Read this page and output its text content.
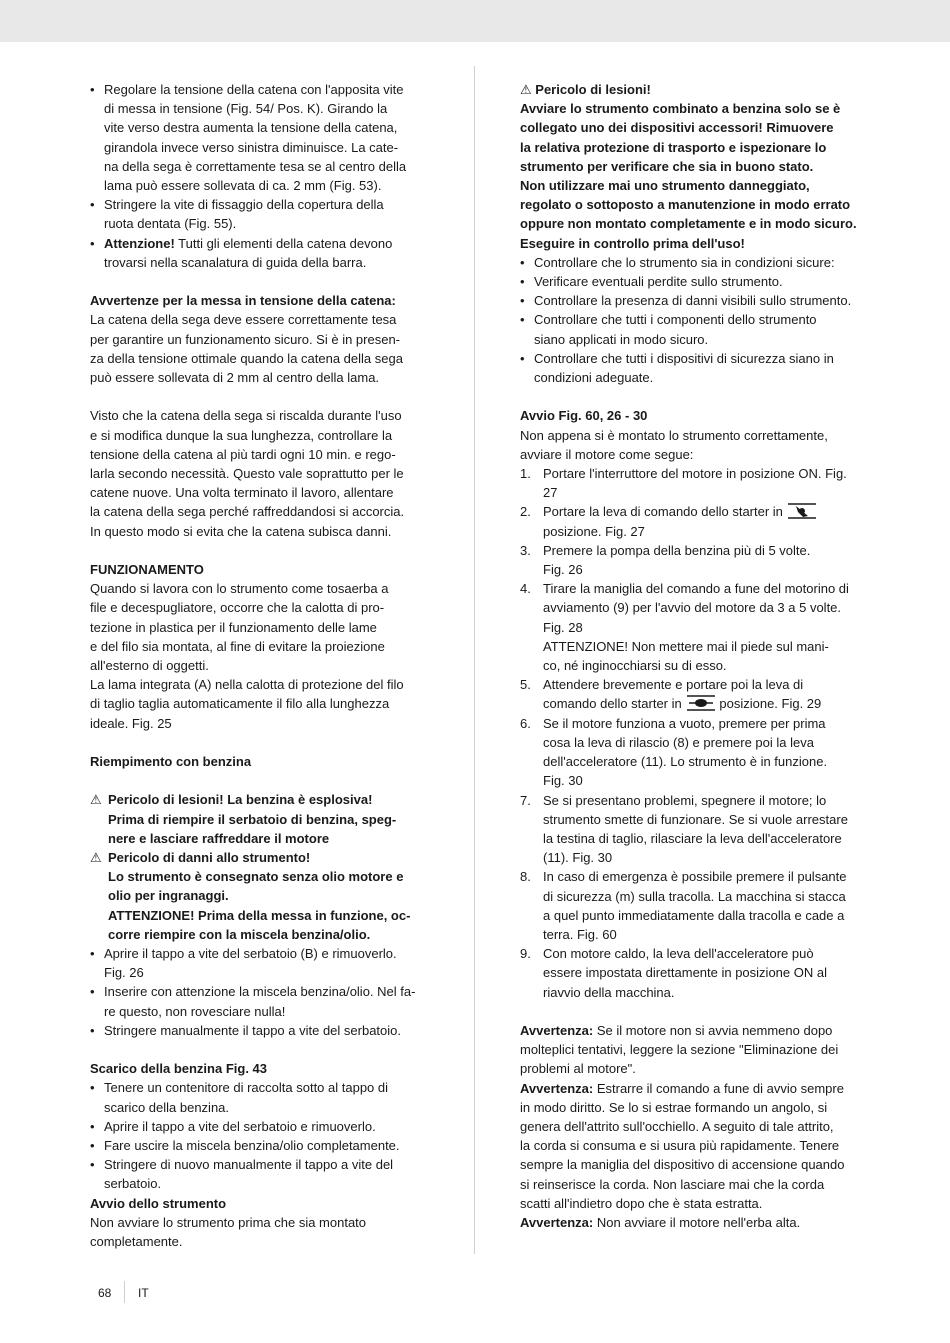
• Regolare la tensione della catena con l'apposita vite

di messa in tensione (Fig. 54/ Pos. K). Girando la

vite verso destra aumenta la tensione della catena,

girandola invece verso sinistra diminuisce. La cate-

na della sega è correttamente tesa se al centro della

lama può essere sollevata di ca. 2 mm (Fig. 53).

• Stringere la vite di fissaggio della copertura della

ruota dentata (Fig. 55).

• Attenzione! Tutti gli elementi della catena devono

trovarsi nella scanalatura di guida della barra.

Avvertenze per la messa in tensione della catena:

La catena della sega deve essere correttamente tesa

per garantire un funzionamento sicuro. Si è in presen-

za della tensione ottimale quando la catena della sega

può essere sollevata di 2 mm al centro della lama.

Visto che la catena della sega si riscalda durante l'uso

e si modifica dunque la sua lunghezza, controllare la

tensione della catena al più tardi ogni 10 min. e rego-

larla secondo necessità. Questo vale soprattutto per le

catene nuove. Una volta terminato il lavoro, allentare

la catena della sega perché raffreddandosi si accorcia.

In questo modo si evita che la catena subisca danni.

FUNZIONAMENTO

Quando si lavora con lo strumento come tosaerba a

file e decespugliatore, occorre che la calotta di pro-

tezione in plastica per il funzionamento delle lame

e del filo sia montata, al fine di evitare la proiezione

all'esterno di oggetti.

La lama integrata (A) nella calotta di protezione del filo

di taglio taglia automaticamente il filo alla lunghezza

ideale. Fig. 25

Riempimento con benzina

⚠ Pericolo di lesioni! La benzina è esplosiva!

Prima di riempire il serbatoio di benzina, speg-

nere e lasciare raffreddare il motore

⚠ Pericolo di danni allo strumento!

Lo strumento è consegnato senza olio motore e

olio per ingranaggi.

ATTENZIONE! Prima della messa in funzione, oc-

corre riempire con la miscela benzina/olio.

• Aprire il tappo a vite del serbatoio (B) e rimuoverlo.

Fig. 26

• Inserire con attenzione la miscela benzina/olio. Nel fa-

re questo, non rovesciare nulla!

• Stringere manualmente il tappo a vite del serbatoio.

Scarico della benzina Fig. 43

• Tenere un contenitore di raccolta sotto al tappo di

scarico della benzina.

• Aprire il tappo a vite del serbatoio e rimuoverlo.

• Fare uscire la miscela benzina/olio completamente.

• Stringere di nuovo manualmente il tappo a vite del

serbatoio.

Avvio dello strumento

Non avviare lo strumento prima che sia montato

completamente.

⚠ Pericolo di lesioni!

Avviare lo strumento combinato a benzina solo se è

collegato uno dei dispositivi accessori! Rimuovere

la relativa protezione di trasporto e ispezionare lo

strumento per verificare che sia in buono stato.

Non utilizzare mai uno strumento danneggiato,

regolato o sottoposto a manutenzione in modo errato

oppure non montato completamente e in modo sicuro.

Eseguire in controllo prima dell'uso!

• Controllare che lo strumento sia in condizioni sicure:

• Verificare eventuali perdite sullo strumento.

• Controllare la presenza di danni visibili sullo strumento.

• Controllare che tutti i componenti dello strumento

siano applicati in modo sicuro.

• Controllare che tutti i dispositivi di sicurezza siano in

condizioni adeguate.

Avvio Fig. 60, 26 - 30

Non appena si è montato lo strumento correttamente,

avviare il motore come segue:

1. Portare l'interruttore del motore in posizione ON. Fig.

27

2. Portare la leva di comando dello starter in

posizione. Fig. 27

3. Premere la pompa della benzina più di 5 volte.

Fig. 26

4. Tirare la maniglia del comando a fune del motorino di

avviamento (9) per l'avvio del motore da 3 a 5 volte.

Fig. 28

ATTENZIONE! Non mettere mai il piede sul mani-

co, né inginocchiarsi su di esso.

5. Attendere brevemente e portare poi la leva di

comando dello starter in	posizione. Fig. 29

6. Se il motore funziona a vuoto, premere per prima

cosa la leva di rilascio (8) e premere poi la leva

dell'acceleratore (11). Lo strumento è in funzione.

Fig. 30

7. Se si presentano problemi, spegnere il motore; lo

strumento smette di funzionare. Se si vuole arrestare

la testina di taglio, rilasciare la leva dell'acceleratore

(11). Fig. 30

8. In caso di emergenza è possibile premere il pulsante

di sicurezza (m) sulla tracolla. La macchina si stacca

a quel punto immediatamente dalla tracolla e cade a

terra. Fig. 60

9. Con motore caldo, la leva dell'acceleratore può

essere impostata direttamente in posizione ON al

riavvio della macchina.

Avvertenza: Se il motore non si avvia nemmeno dopo

molteplici tentativi, leggere la sezione "Eliminazione dei

problemi al motore".

Avvertenza: Estrarre il comando a fune di avvio sempre

in modo diritto. Se lo si estrae formando un angolo, si

genera dell'attrito sull'occhiello. A seguito di tale attrito,

la corda si consuma e si usura più rapidamente. Tenere

sempre la maniglia del dispositivo di accensione quando

si reinserisce la corda. Non lasciare mai che la corda

scatti all'indietro dopo che è stata estratta.

Avvertenza: Non avviare il motore nell'erba alta.

68 IT
